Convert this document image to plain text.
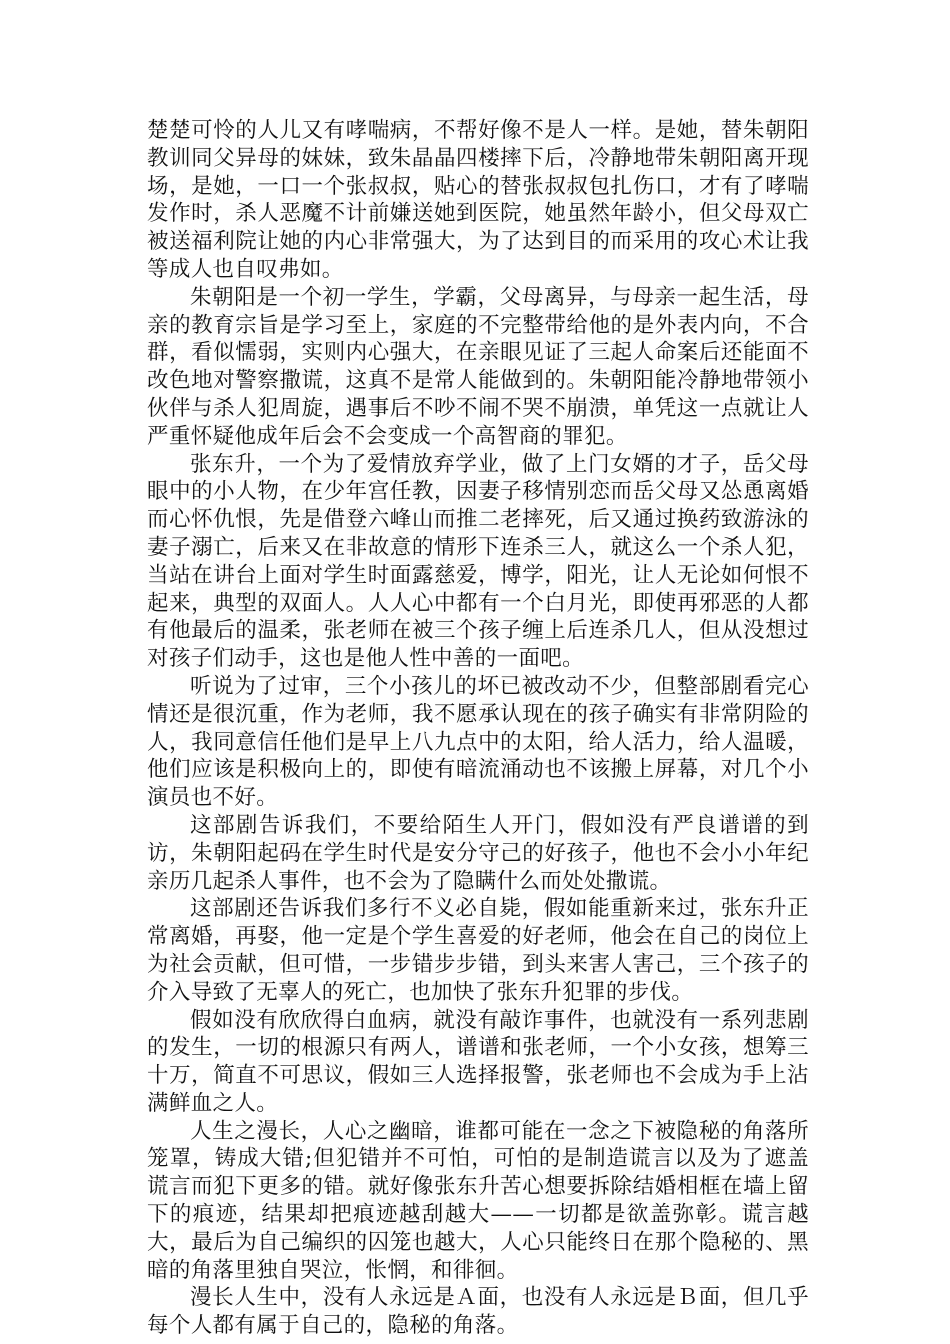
楚楚可怜的人儿又有哮喘病，不帮好像不是人一样。是她，替朱朝阳教训同父异母的妹妹，致朱晶晶四楼摔下后，冷静地带朱朝阳离开现场，是她，一口一个张叔叔，贴心的替张叔叔包扎伤口，才有了哮喘发作时，杀人恶魔不计前嫌送她到医院，她虽然年龄小，但父母双亡被送福利院让她的内心非常强大，为了达到目的而采用的攻心术让我等成人也自叹弗如。

朱朝阳是一个初一学生，学霸，父母离异，与母亲一起生活，母亲的教育宗旨是学习至上，家庭的不完整带给他的是外表内向，不合群，看似懦弱，实则内心强大，在亲眼见证了三起人命案后还能面不改色地对警察撒谎，这真不是常人能做到的。朱朝阳能冷静地带领小伙伴与杀人犯周旋，遇事后不吵不闹不哭不崩溃，单凭这一点就让人严重怀疑他成年后会不会变成一个高智商的罪犯。

张东升，一个为了爱情放弃学业，做了上门女婿的才子，岳父母眼中的小人物，在少年宫任教，因妻子移情别恋而岳父母又怂恿离婚而心怀仇恨，先是借登六峰山而推二老摔死，后又通过换药致游泳的妻子溺亡，后来又在非故意的情形下连杀三人，就这么一个杀人犯，当站在讲台上面对学生时面露慈爱，博学，阳光，让人无论如何恨不起来，典型的双面人。人人心中都有一个白月光，即使再邪恶的人都有他最后的温柔，张老师在被三个孩子缠上后连杀几人，但从没想过对孩子们动手，这也是他人性中善的一面吧。

听说为了过审，三个小孩儿的坏已被改动不少，但整部剧看完心情还是很沉重，作为老师，我不愿承认现在的孩子确实有非常阴险的人，我同意信任他们是早上八九点中的太阳，给人活力，给人温暖，他们应该是积极向上的，即使有暗流涌动也不该搬上屏幕，对几个小演员也不好。

这部剧告诉我们，不要给陌生人开门，假如没有严良谱谱的到访，朱朝阳起码在学生时代是安分守己的好孩子，他也不会小小年纪亲历几起杀人事件，也不会为了隐瞒什么而处处撒谎。

这部剧还告诉我们多行不义必自毙，假如能重新来过，张东升正常离婚，再娶，他一定是个学生喜爱的好老师，他会在自己的岗位上为社会贡献，但可惜，一步错步步错，到头来害人害己，三个孩子的介入导致了无辜人的死亡，也加快了张东升犯罪的步伐。

假如没有欣欣得白血病，就没有敲诈事件，也就没有一系列悲剧的发生，一切的根源只有两人，谱谱和张老师，一个小女孩，想筹三十万，简直不可思议，假如三人选择报警，张老师也不会成为手上沾满鲜血之人。

人生之漫长，人心之幽暗，谁都可能在一念之下被隐秘的角落所笼罩，铸成大错;但犯错并不可怕，可怕的是制造谎言以及为了遮盖谎言而犯下更多的错。就好像张东升苦心想要拆除结婚相框在墙上留下的痕迹，结果却把痕迹越刮越大——一切都是欲盖弥彰。谎言越大，最后为自己编织的囚笼也越大，人心只能终日在那个隐秘的、黑暗的角落里独自哭泣，怅惘，和徘徊。

漫长人生中，没有人永远是Ａ面，也没有人永远是Ｂ面，但几乎每个人都有属于自己的，隐秘的角落。
